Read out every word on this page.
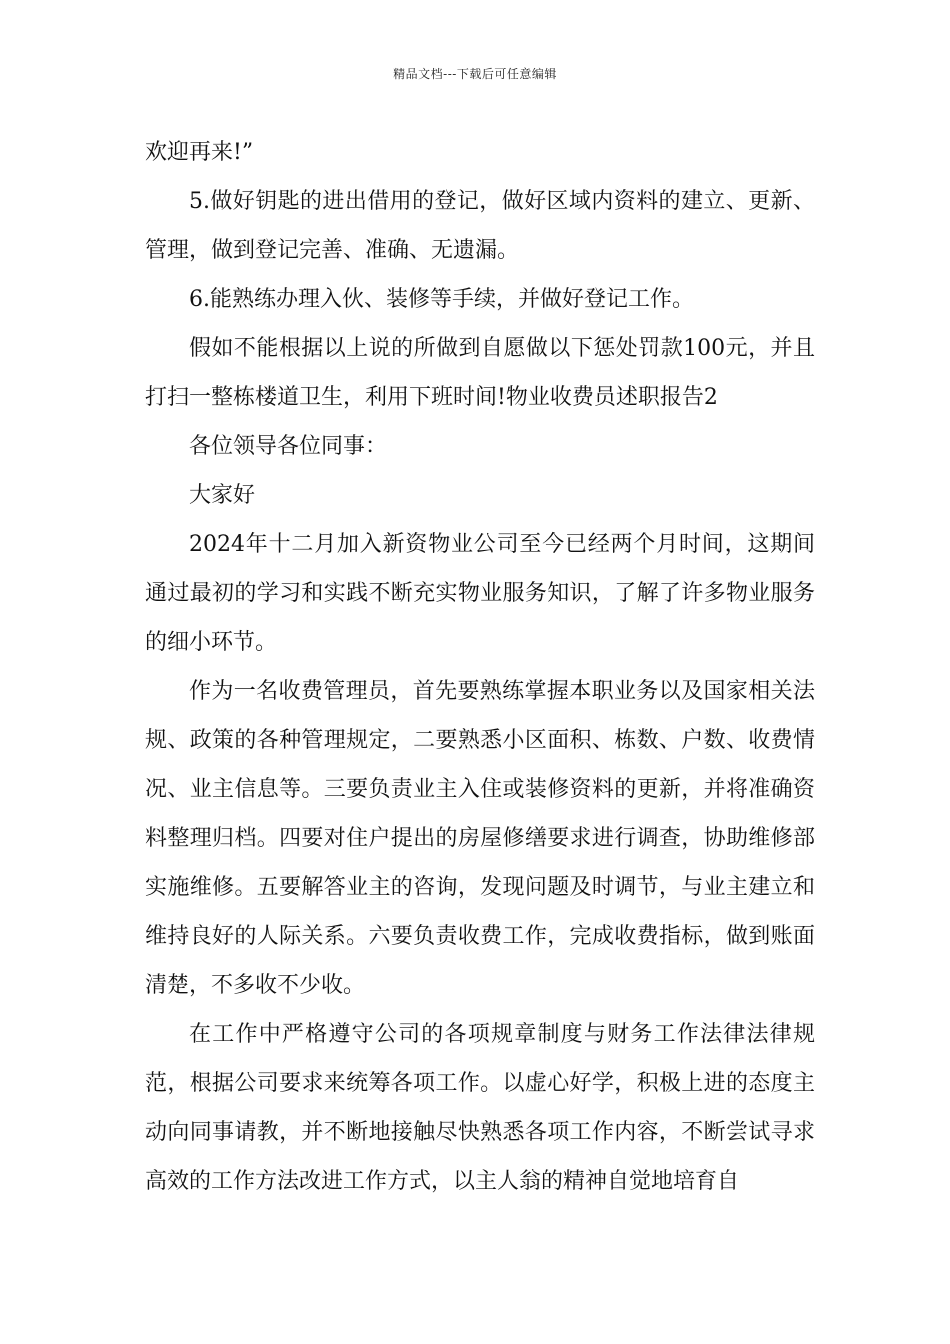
精品文档---下载后可任意编辑

欢迎再来!”

5.做好钥匙的进出借用的登记，做好区域内资料的建立、更新、管理，做到登记完善、准确、无遗漏。

6.能熟练办理入伙、装修等手续，并做好登记工作。

假如不能根据以上说的所做到自愿做以下惩处罚款100元，并且打扫一整栋楼道卫生，利用下班时间!物业收费员述职报告2

各位领导各位同事：

大家好

2024年十二月加入新资物业公司至今已经两个月时间，这期间通过最初的学习和实践不断充实物业服务知识，了解了许多物业服务的细小环节。

作为一名收费管理员，首先要熟练掌握本职业务以及国家相关法规、政策的各种管理规定，二要熟悉小区面积、栋数、户数、收费情况、业主信息等。三要负责业主入住或装修资料的更新，并将准确资料整理归档。四要对住户提出的房屋修缮要求进行调查，协助维修部实施维修。五要解答业主的咨询，发现问题及时调节，与业主建立和维持良好的人际关系。六要负责收费工作，完成收费指标，做到账面清楚，不多收不少收。

在工作中严格遵守公司的各项规章制度与财务工作法律法律规范，根据公司要求来统筹各项工作。以虚心好学，积极上进的态度主动向同事请教，并不断地接触尽快熟悉各项工作内容，不断尝试寻求高效的工作方法改进工作方式，以主人翁的精神自觉地培育自
